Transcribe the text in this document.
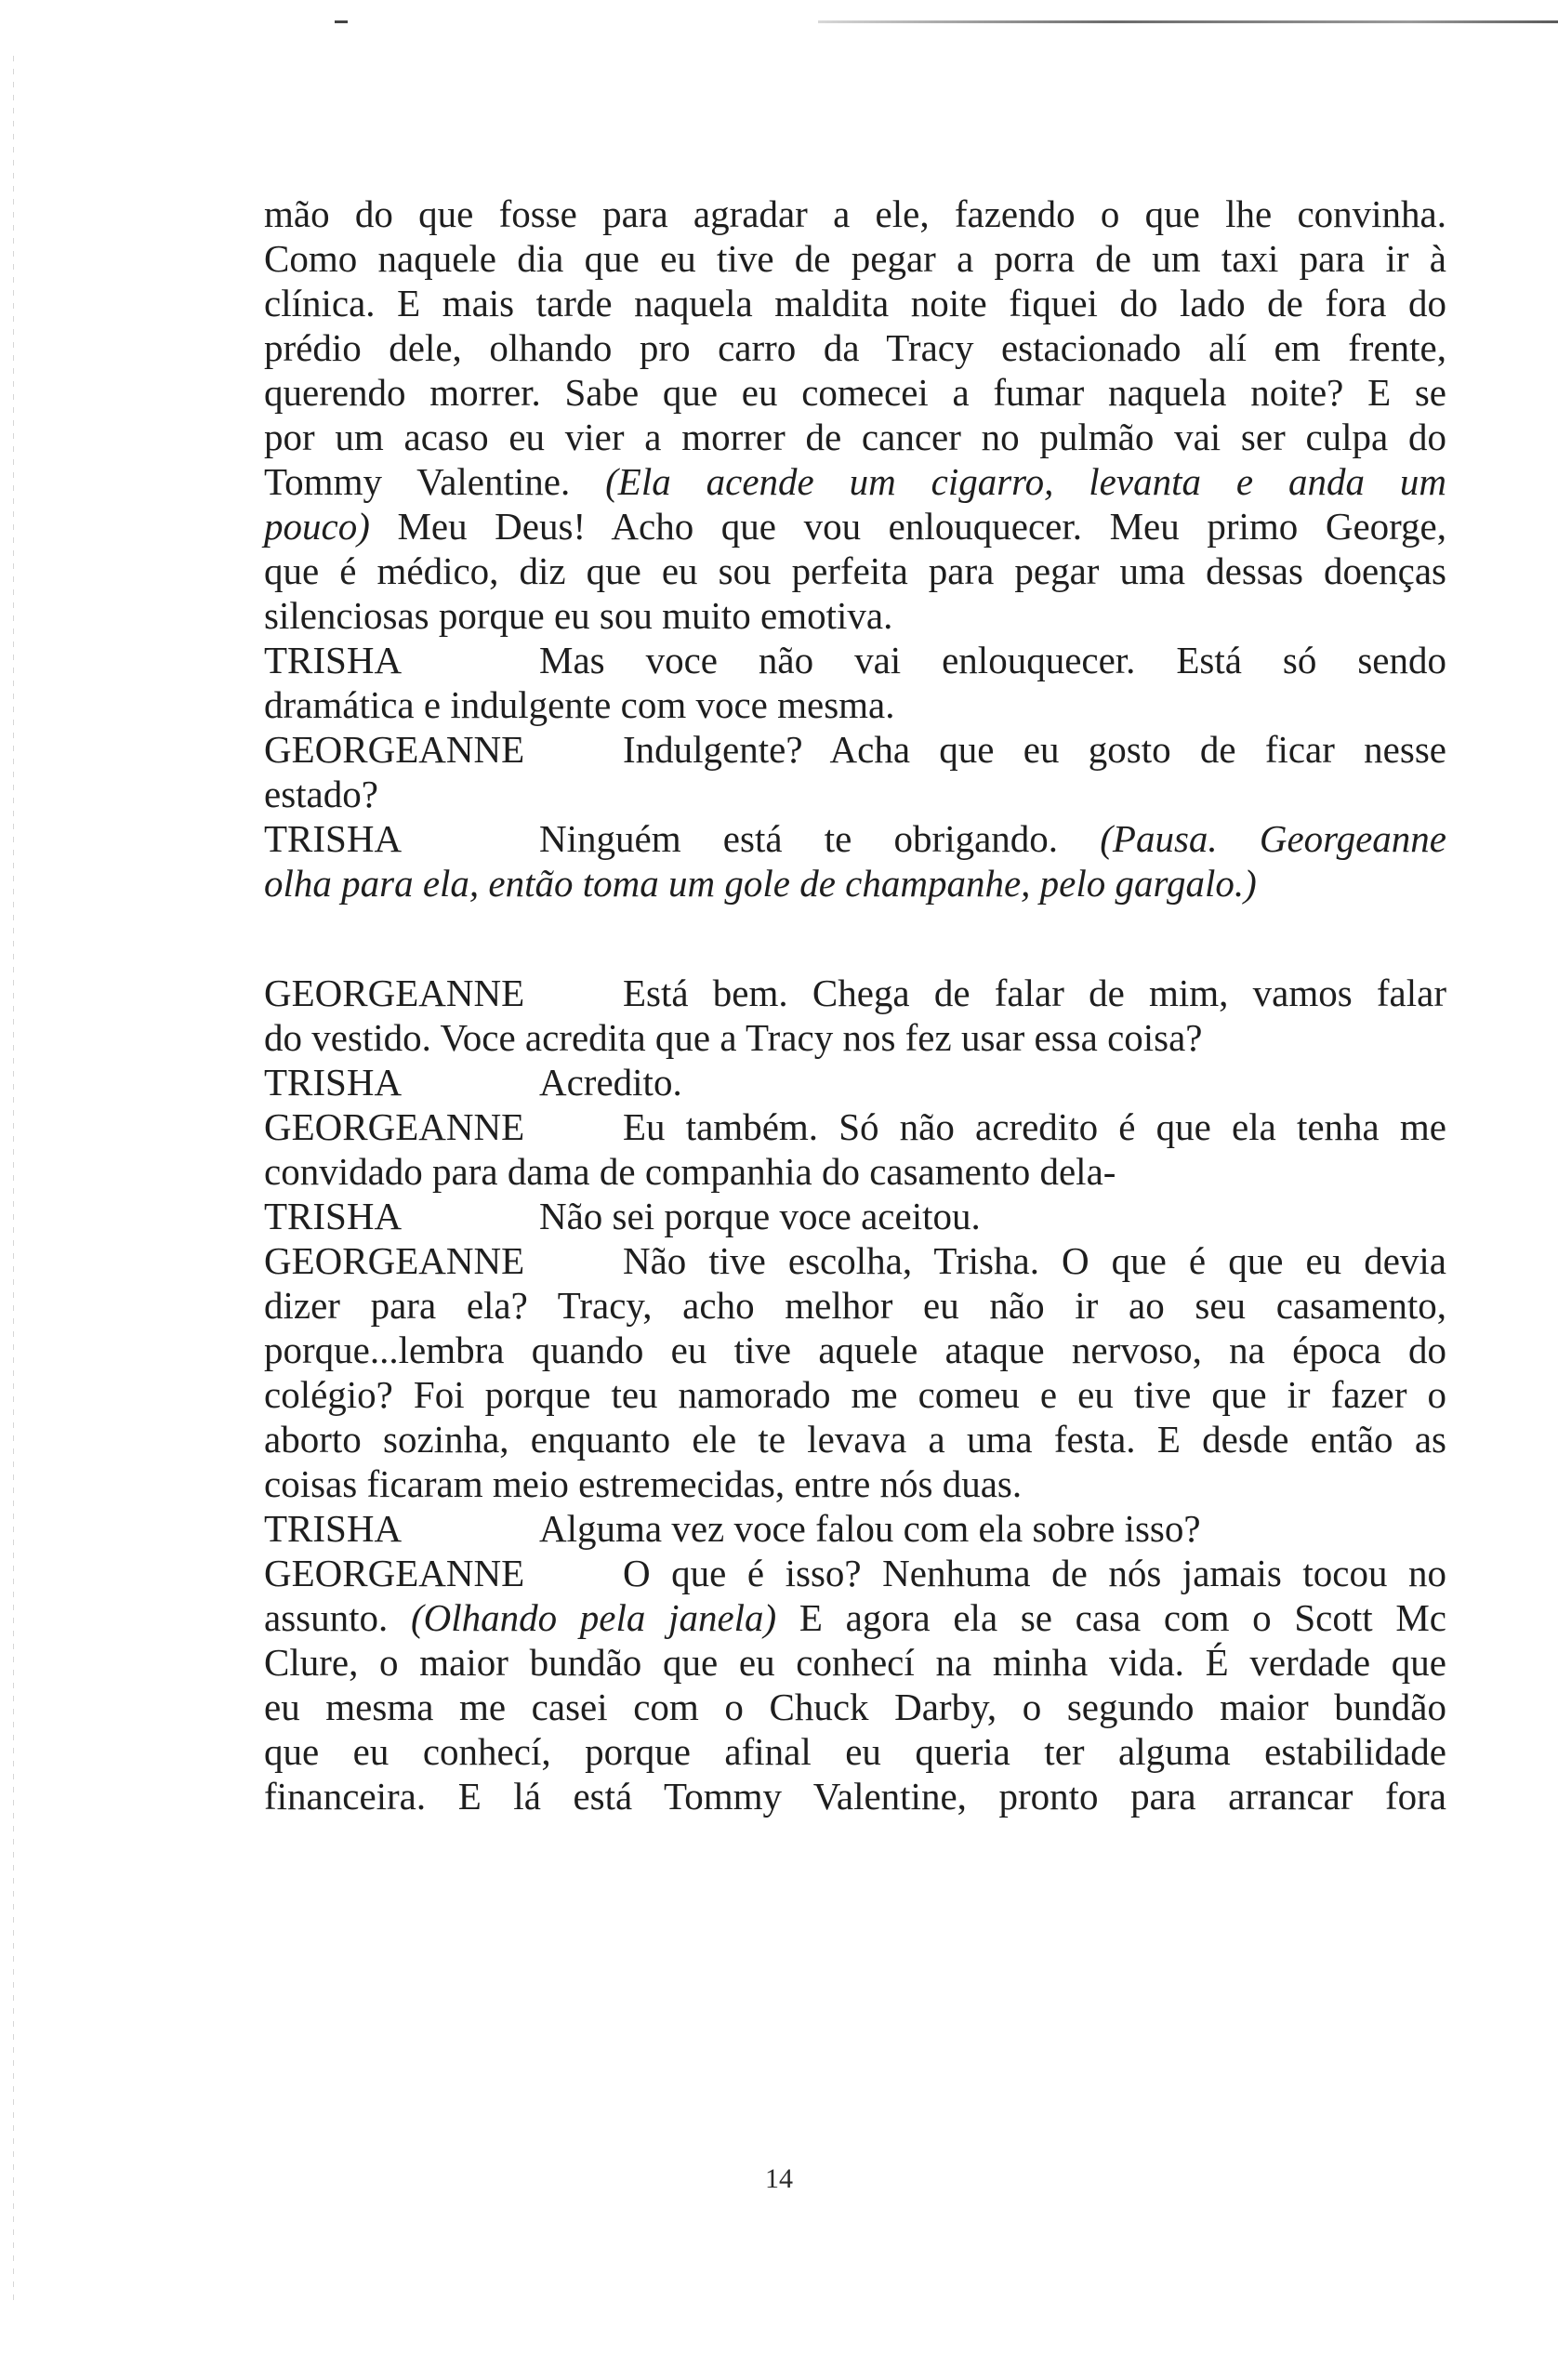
mão do que fosse para agradar a ele, fazendo o que lhe convinha.
Como naquele dia que eu tive de pegar a porra de um taxi para ir à
clínica. E mais tarde naquela maldita noite fiquei do lado de fora do
prédio dele, olhando pro carro da Tracy estacionado alí em frente,
querendo morrer. Sabe que eu comecei a fumar naquela noite? E se
por um acaso eu vier a morrer de cancer no pulmão vai ser culpa do
Tommy Valentine. (Ela acende um cigarro, levanta e anda um
pouco) Meu Deus! Acho que vou enlouquecer. Meu primo George,
que é médico, diz que eu sou perfeita para pegar uma dessas doenças
silenciosas porque eu sou muito emotiva.
TRISHA	Mas voce não vai enlouquecer. Está só sendo
dramática e indulgente com voce mesma.
GEORGEANNE	Indulgente? Acha que eu gosto de ficar nesse
estado?
TRISHA	Ninguém está te obrigando. (Pausa. Georgeanne
olha para ela, então toma um gole de champanhe, pelo gargalo.)
GEORGEANNE	Está bem. Chega de falar de mim, vamos falar
do vestido. Voce acredita que a Tracy nos fez usar essa coisa?
TRISHA	Acredito.
GEORGEANNE	Eu também. Só não acredito é que ela tenha me
convidado para dama de companhia do casamento dela-
TRISHA	Não sei porque voce aceitou.
GEORGEANNE	Não tive escolha, Trisha. O que é que eu devia
dizer para ela? Tracy, acho melhor eu não ir ao seu casamento,
porque...lembra quando eu tive aquele ataque nervoso, na época do
colégio? Foi porque teu namorado me comeu e eu tive que ir fazer o
aborto sozinha, enquanto ele te levava a uma festa. E desde então as
coisas ficaram meio estremecidas, entre nós duas.
TRISHA	Alguma vez voce falou com ela sobre isso?
GEORGEANNE	O que é isso? Nenhuma de nós jamais tocou no
assunto. (Olhando pela janela) E agora ela se casa com o Scott Mc
Clure, o maior bundão que eu conhecí na minha vida. É verdade que
eu mesma me casei com o Chuck Darby, o segundo maior bundão
que eu conhecí, porque afinal eu queria ter alguma estabilidade
financeira. E lá está Tommy Valentine, pronto para arrancar fora
14
